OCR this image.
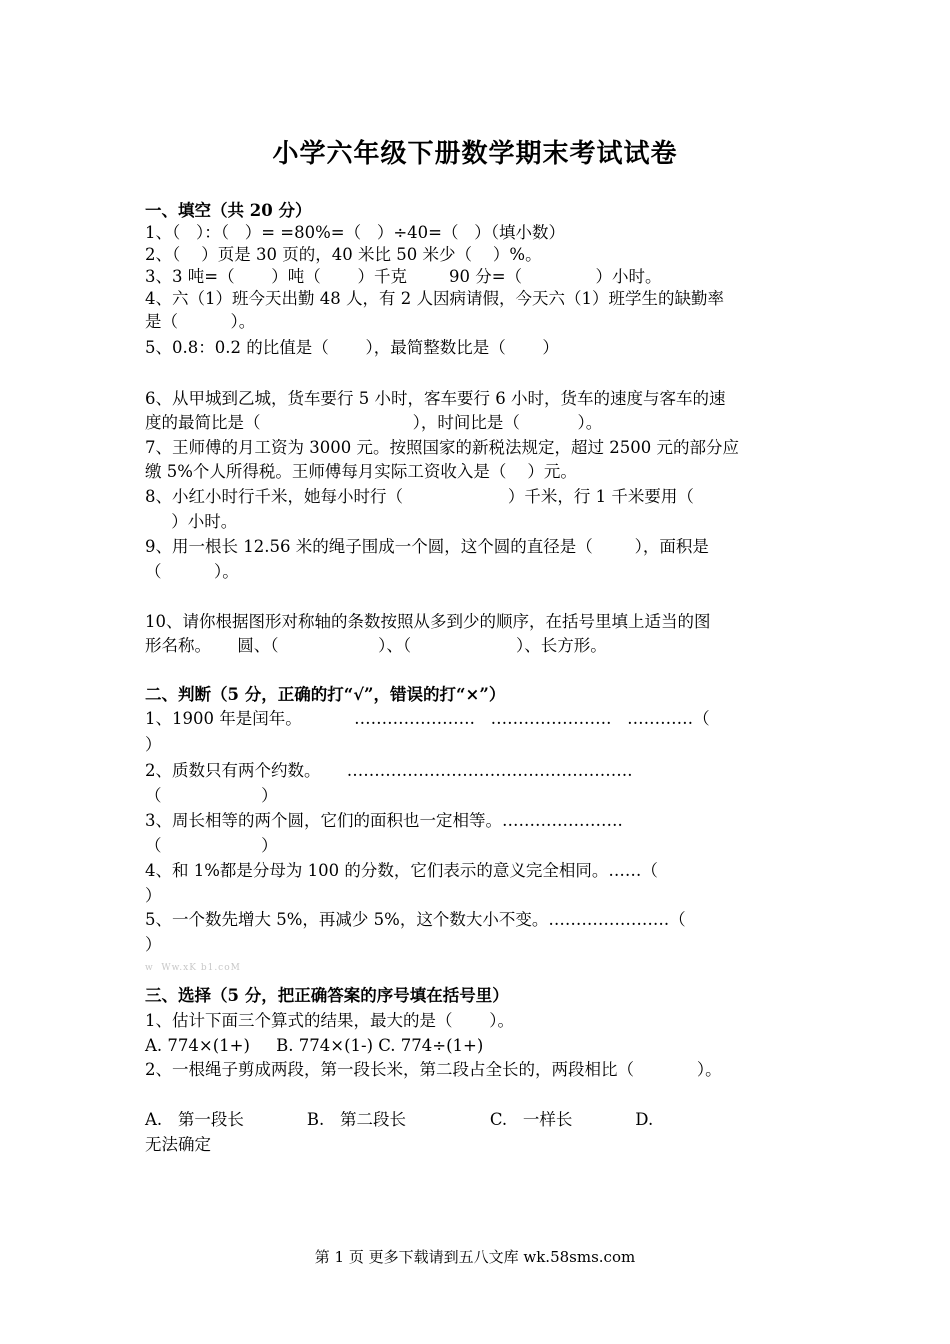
小学六年级下册数学期末考试试卷
一、填空（共 20 分）
1、（   ）：（   ）= =80%=（   ）÷40=（   ）（填小数）
2、（    ）页是 30 页的，40 米比 50 米少（    ）%。
3、3 吨=（       ）吨（       ）千克        90 分=（              ）小时。
4、六（1）班今天出勤 48 人，有 2 人因病请假，今天六（1）班学生的缺勤率
是（          ）。
5、0.8：0.2 的比值是（       ），最简整数比是（       ）
6、从甲城到乙城，货车要行 5 小时，客车要行 6 小时，货车的速度与客车的速
度的最简比是（                             ），时间比是（           ）。
7、王师傅的月工资为 3000 元。按照国家的新税法规定，超过 2500 元的部分应
缴 5%个人所得税。王师傅每月实际工资收入是（    ）元。
8、小红小时行千米，她每小时行（                    ）千米，行 1 千米要用（
）小时。
9、用一根长 12.56 米的绳子围成一个圆，这个圆的直径是（        ），面积是
（          ）。
10、请你根据图形对称轴的条数按照从多到少的顺序，在括号里填上适当的图
形名称。     圆、（                   ）、（                    ）、长方形。
二、判断（5 分，正确的打“√”，错误的打“×”）
1、1900 年是闰年。          ………………….   ………………….   …………（
）
2、质数只有两个约数。     …………………………………………….
（                   ）
3、周长相等的两个圆，它们的面积也一定相等。………………….
（                   ）
4、和 1%都是分母为 100 的分数，它们表示的意义完全相同。……（
）
5、一个数先增大 5%，再减少 5%，这个数大小不变。………………….（
）
w  Ww.xK b1.coM
三、选择（5 分，把正确答案的序号填在括号里）
1、估计下面三个算式的结果，最大的是（       ）。
A. 774×(1+)     B. 774×(1-) C. 774÷(1+)
2、一根绳子剪成两段，第一段长米，第二段占全长的，两段相比（            ）。
A.   第一段长            B.   第二段长                C.   一样长            D.
无法确定
第 1 页 更多下载请到五八文库 wk.58sms.com
